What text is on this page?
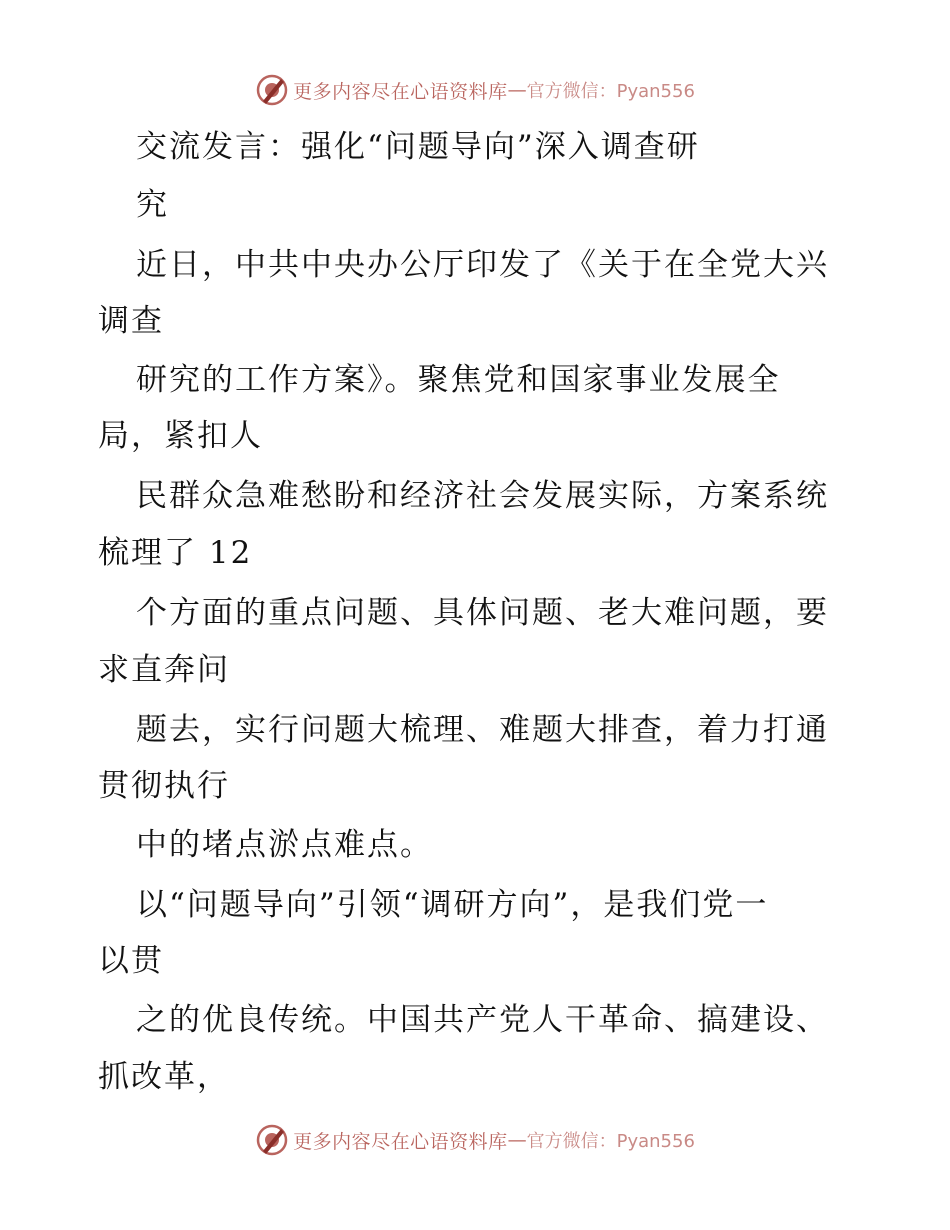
更多内容尽在心语资料库 — 官方微信：Pyan556
交流发言：强化“问题导向”深入调查研
究
近日，中共中央办公厅印发了《关于在全党大兴
调查
研究的工作方案》。聚焦党和国家事业发展全
局，紧扣人
民群众急难愁盼和经济社会发展实际，方案系统
梳理了 12
个方面的重点问题、具体问题、老大难问题，要
求直奔问
题去，实行问题大梳理、难题大排查，着力打通
贯彻执行
中的堵点淤点难点。
以“问题导向”引领“调研方向”，是我们党一
以贯
之的优良传统。中国共产党人干革命、搞建设、
抓改革，
更多内容尽在心语资料库 — 官方微信：Pyan556
